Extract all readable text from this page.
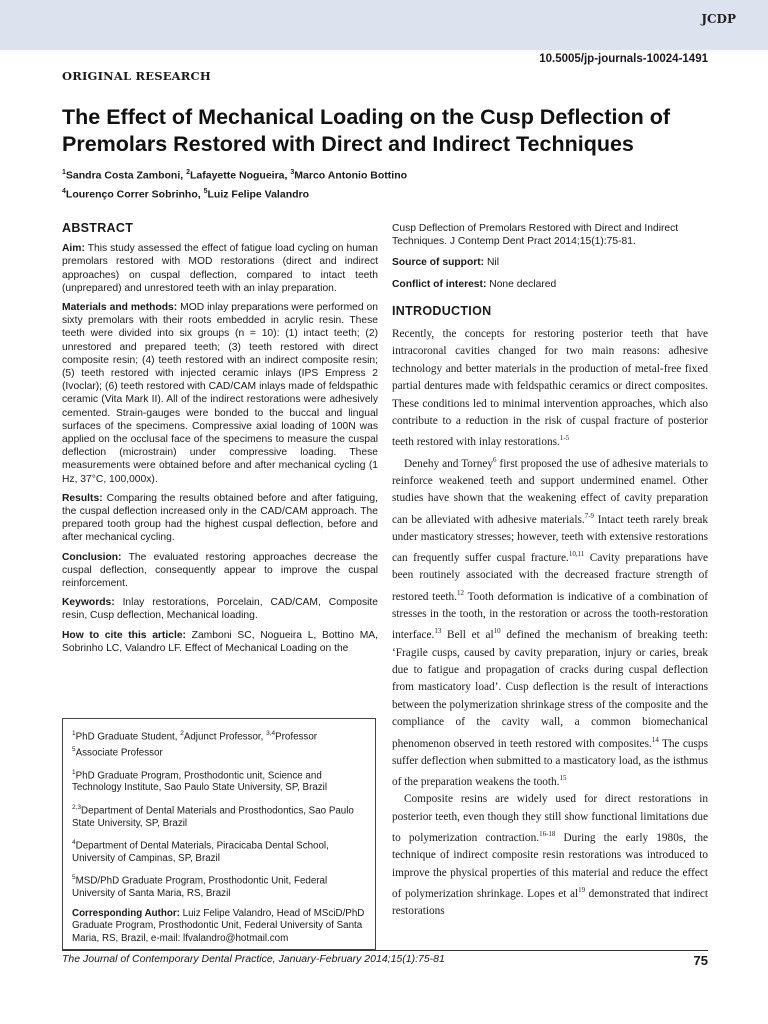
JCDP
10.5005/jp-journals-10024-1491
ORIGINAL RESEARCH
The Effect of Mechanical Loading on the Cusp Deflection of Premolars Restored with Direct and Indirect Techniques
$^1$Sandra Costa Zamboni, $^2$Lafayette Nogueira, $^3$Marco Antonio Bottino
$^4$Lourenço Correr Sobrinho, $^5$Luiz Felipe Valandro
ABSTRACT

Aim: This study assessed the effect of fatigue load cycling on human premolars restored with MOD restorations (direct and indirect approaches) on cuspal deflection, compared to intact teeth (unprepared) and unrestored teeth with an inlay preparation.

Materials and methods: MOD inlay preparations were performed on sixty premolars with their roots embedded in acrylic resin. These teeth were divided into six groups (n = 10): (1) intact teeth; (2) unrestored and prepared teeth; (3) teeth restored with direct composite resin; (4) teeth restored with an indirect composite resin; (5) teeth restored with injected ceramic inlays (IPS Empress 2 (Ivoclar); (6) teeth restored with CAD/CAM inlays made of feldspathic ceramic (Vita Mark II). All of the indirect restorations were adhesively cemented. Strain-gauges were bonded to the buccal and lingual surfaces of the specimens. Compressive axial loading of 100N was applied on the occlusal face of the specimens to measure the cuspal deflection (microstrain) under compressive loading. These measurements were obtained before and after mechanical cycling (1 Hz, 37°C, 100,000x).

Results: Comparing the results obtained before and after fatiguing, the cuspal deflection increased only in the CAD/CAM approach. The prepared tooth group had the highest cuspal deflection, before and after mechanical cycling.

Conclusion: The evaluated restoring approaches decrease the cuspal deflection, consequently appear to improve the cuspal reinforcement.

Keywords: Inlay restorations, Porcelain, CAD/CAM, Composite resin, Cusp deflection, Mechanical loading.

How to cite this article: Zamboni SC, Nogueira L, Bottino MA, Sobrinho LC, Valandro LF. Effect of Mechanical Loading on the

$^1$PhD Graduate Student, $^2$Adjunct Professor, $^{3,4}$Professor
$^5$Associate Professor

$^1$PhD Graduate Program, Prosthodontic unit, Science and Technology Institute, Sao Paulo State University, SP, Brazil

$^{2,3}$Department of Dental Materials and Prosthodontics, Sao Paulo State University, SP, Brazil

$^4$Department of Dental Materials, Piracicaba Dental School, University of Campinas, SP, Brazil

$^5$MSD/PhD Graduate Program, Prosthodontic Unit, Federal University of Santa Maria, RS, Brazil

Corresponding Author: Luiz Felipe Valandro, Head of MSciD/PhD Graduate Program, Prosthodontic Unit, Federal University of Santa Maria, RS, Brazil, e-mail: lfvalandro@hotmail.com

Cusp Deflection of Premolars Restored with Direct and Indirect Techniques. J Contemp Dent Pract 2014;15(1):75-81.

Source of support: Nil

Conflict of interest: None declared

INTRODUCTION

Recently, the concepts for restoring posterior teeth that have intracoronal cavities changed for two main reasons: adhesive technology and better materials in the production of metal-free fixed partial dentures made with feldspathic ceramics or direct composites. These conditions led to minimal intervention approaches, which also contribute to a reduction in the risk of cuspal fracture of posterior teeth restored with inlay restorations.$^{1-5}$

Denehy and Torney$^6$ first proposed the use of adhesive materials to reinforce weakened teeth and support undermined enamel. Other studies have shown that the weakening effect of cavity preparation can be alleviated with adhesive materials.$^{7-9}$ Intact teeth rarely break under masticatory stresses; however, teeth with extensive restorations can frequently suffer cuspal fracture.$^{10,11}$ Cavity preparations have been routinely associated with the decreased fracture strength of restored teeth.$^{12}$ Tooth deformation is indicative of a combination of stresses in the tooth, in the restoration or across the tooth-restoration interface.$^{13}$ Bell et $al^{10}$ defined the mechanism of breaking teeth: ‘Fragile cusps, caused by cavity preparation, injury or caries, break due to fatigue and propagation of cracks during cuspal deflection from masticatory load’. Cusp deflection is the result of interactions between the polymerization shrinkage stress of the composite and the compliance of the cavity wall, a common biomechanical phenomenon observed in teeth restored with composites.$^{14}$ The cusps suffer deflection when submitted to a masticatory load, as the isthmus of the preparation weakens the tooth.$^{15}$

Composite resins are widely used for direct restorations in posterior teeth, even though they still show functional limitations due to polymerization contraction.$^{16-18}$ During the early 1980s, the technique of indirect composite resin restorations was introduced to improve the physical properties of this material and reduce the effect of polymerization shrinkage. Lopes et $al^{19}$ demonstrated that indirect restorations

The Journal of Contemporary Dental Practice, January-February 2014;15(1):75-81	75
